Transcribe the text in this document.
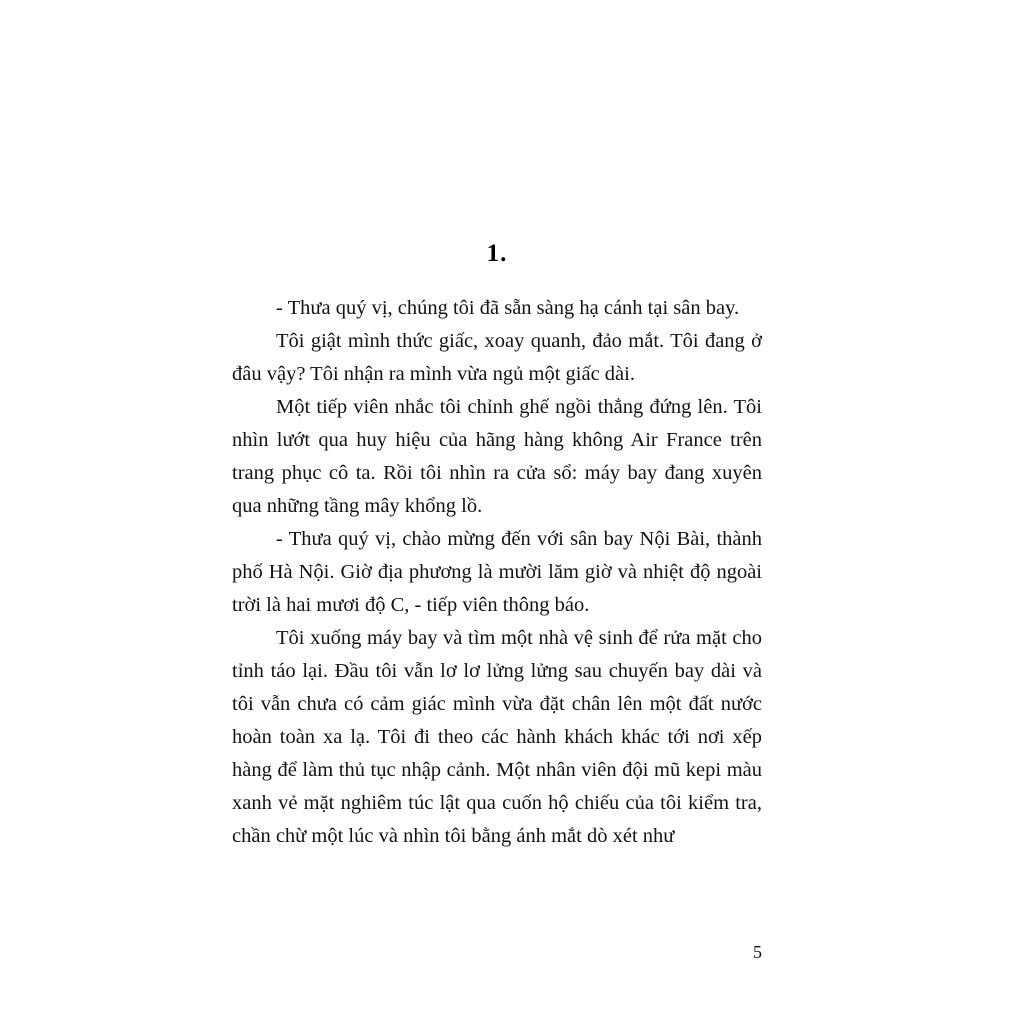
1.

- Thưa quý vị, chúng tôi đã sẵn sàng hạ cánh tại sân bay.

Tôi giật mình thức giấc, xoay quanh, đảo mắt. Tôi đang ở đâu vậy? Tôi nhận ra mình vừa ngủ một giấc dài.

Một tiếp viên nhắc tôi chỉnh ghế ngồi thẳng đứng lên. Tôi nhìn lướt qua huy hiệu của hãng hàng không Air France trên trang phục cô ta. Rồi tôi nhìn ra cửa sổ: máy bay đang xuyên qua những tầng mây khổng lồ.

- Thưa quý vị, chào mừng đến với sân bay Nội Bài, thành phố Hà Nội. Giờ địa phương là mười lăm giờ và nhiệt độ ngoài trời là hai mươi độ C, - tiếp viên thông báo.

Tôi xuống máy bay và tìm một nhà vệ sinh để rửa mặt cho tỉnh táo lại. Đầu tôi vẫn lơ lơ lửng lửng sau chuyến bay dài và tôi vẫn chưa có cảm giác mình vừa đặt chân lên một đất nước hoàn toàn xa lạ. Tôi đi theo các hành khách khác tới nơi xếp hàng để làm thủ tục nhập cảnh. Một nhân viên đội mũ kepi màu xanh vẻ mặt nghiêm túc lật qua cuốn hộ chiếu của tôi kiểm tra, chần chừ một lúc và nhìn tôi bằng ánh mắt dò xét như

5
